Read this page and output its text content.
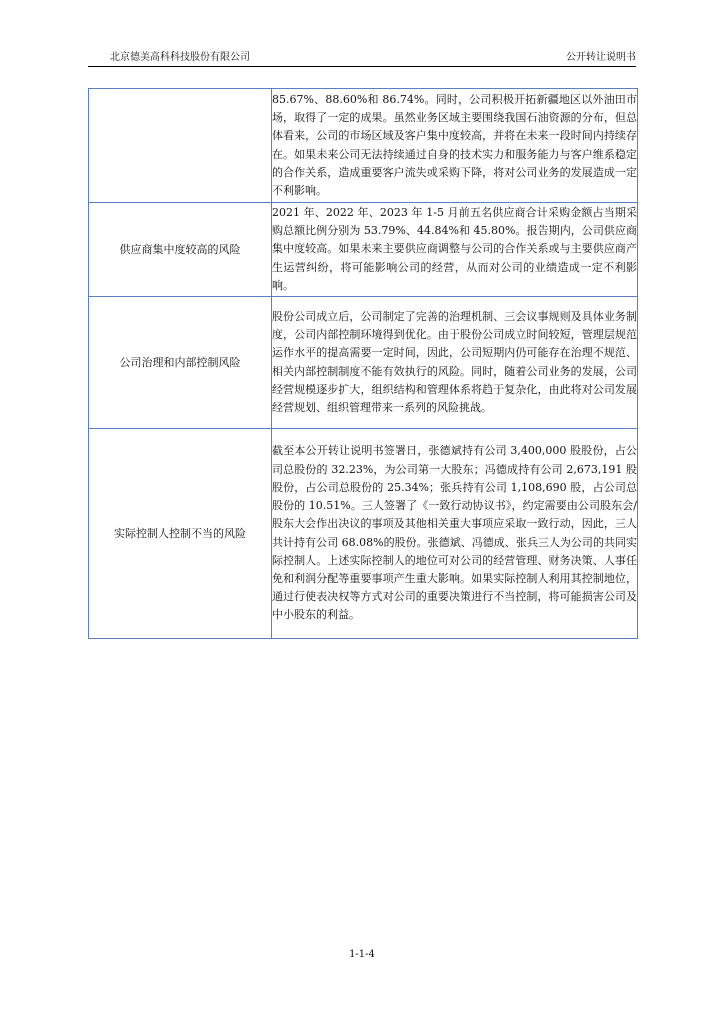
北京德美高科科技股份有限公司	公开转让说明书
	85.67%、88.60%和 86.74%。同时，公司积极开拓新疆地区以外油田市场，取得了一定的成果。虽然业务区域主要围绕我国石油资源的分布，但总体看来，公司的市场区域及客户集中度较高，并将在未来一段时间内持续存在。如果未来公司无法持续通过自身的技术实力和服务能力与客户维系稳定的合作关系，造成重要客户流失或采购下降，将对公司业务的发展造成一定不利影响。
供应商集中度较高的风险	2021 年、2022 年、2023 年 1-5 月前五名供应商合计采购金额占当期采购总额比例分别为 53.79%、44.84%和 45.80%。报告期内，公司供应商集中度较高。如果未来主要供应商调整与公司的合作关系或与主要供应商产生运营纠纷，将可能影响公司的经营，从而对公司的业绩造成一定不利影响。
公司治理和内部控制风险	股份公司成立后，公司制定了完善的治理机制、三会议事规则及具体业务制度，公司内部控制环境得到优化。由于股份公司成立时间较短，管理层规范运作水平的提高需要一定时间，因此，公司短期内仍可能存在治理不规范、相关内部控制制度不能有效执行的风险。同时，随着公司业务的发展，公司经营规模逐步扩大，组织结构和管理体系将趋于复杂化，由此将对公司发展经营规划、组织管理带来一系列的风险挑战。
实际控制人控制不当的风险	截至本公开转让说明书签署日，张德斌持有公司 3,400,000 股股份，占公司总股份的 32.23%，为公司第一大股东；冯德成持有公司 2,673,191 股股份，占公司总股份的 25.34%；张兵持有公司 1,108,690 股，占公司总股份的 10.51%。三人签署了《一致行动协议书》，约定需要由公司股东会/股东大会作出决议的事项及其他相关重大事项应采取一致行动，因此，三人共计持有公司 68.08%的股份。张德斌、冯德成、张兵三人为公司的共同实际控制人。上述实际控制人的地位可对公司的经营管理、财务决策、人事任免和利润分配等重要事项产生重大影响。如果实际控制人利用其控制地位，通过行使表决权等方式对公司的重要决策进行不当控制，将可能损害公司及中小股东的利益。
1-1-4
